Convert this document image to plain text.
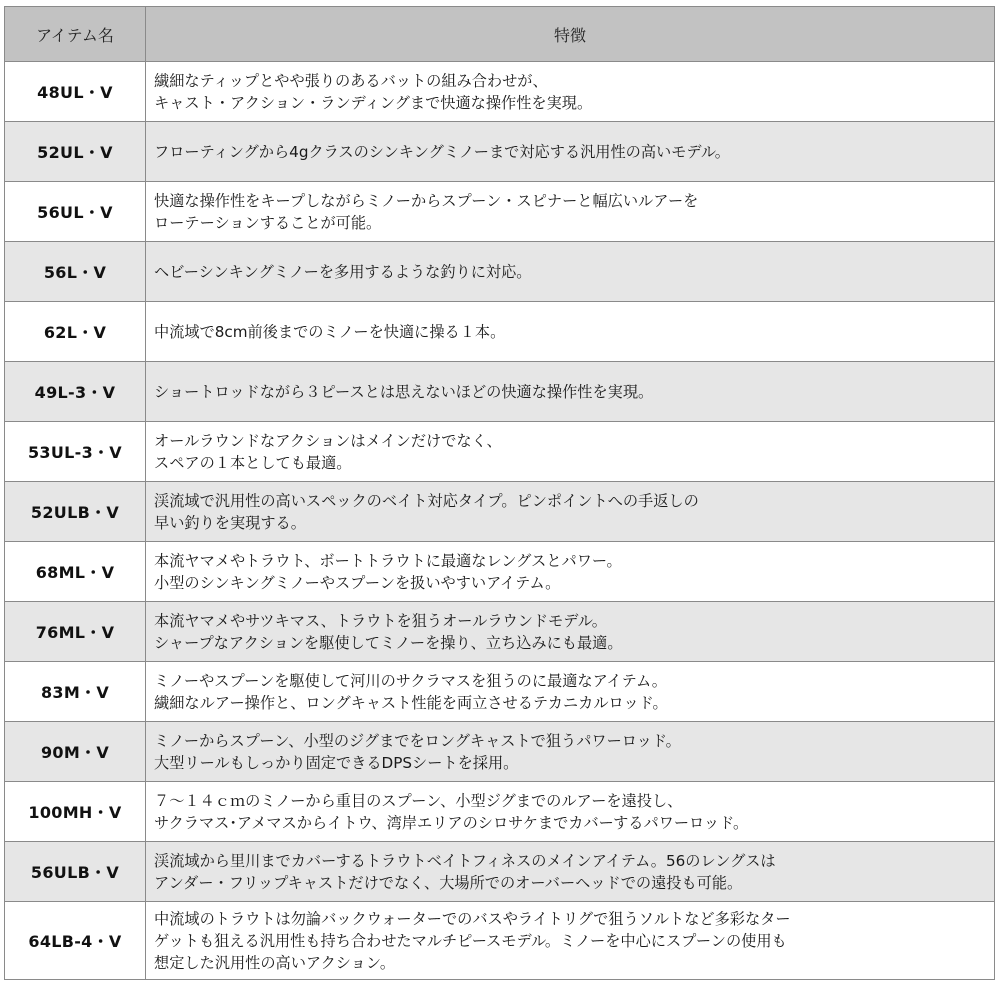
アイテム名	特徴
48UL・V	繊細なティップとやや張りのあるバットの組み合わせが、
キャスト・アクション・ランディングまで快適な操作性を実現。

52UL・V	フローティングから4gクラスのシンキングミノーまで対応する汎用性の高いモデル。

56UL・V	快適な操作性をキープしながらミノーからスプーン・スピナーと幅広いルアーを
ローテーションすることが可能。

56L・V	ヘビーシンキングミノーを多用するような釣りに対応。

62L・V	中流域で8cm前後までのミノーを快適に操る１本。

49L-3・V	ショートロッドながら３ピースとは思えないほどの快適な操作性を実現。

53UL-3・V	オールラウンドなアクションはメインだけでなく、
スペアの１本としても最適。

52ULB・V	渓流域で汎用性の高いスペックのベイト対応タイプ。ピンポイントへの手返しの
早い釣りを実現する。

68ML・V	本流ヤマメやトラウト、ボートトラウトに最適なレングスとパワー。
小型のシンキングミノーやスプーンを扱いやすいアイテム。

76ML・V	本流ヤマメやサツキマス、トラウトを狙うオールラウンドモデル。
シャープなアクションを駆使してミノーを操り、立ち込みにも最適。

83M・V	ミノーやスプーンを駆使して河川のサクラマスを狙うのに最適なアイテム。
繊細なルアー操作と、ロングキャスト性能を両立させるテカニカルロッド。

90M・V	ミノーからスプーン、小型のジグまでをロングキャストで狙うパワーロッド。
大型リールもしっかり固定できるDPSシートを採用。

100MH・V	７～１４ｃｍのミノーから重目のスプーン、小型ジグまでのルアーを遠投し、
サクラマス･アメマスからイトウ、湾岸エリアのシロサケまでカバーするパワーロッド。

56ULB・V	渓流域から里川までカバーするトラウトベイトフィネスのメインアイテム。56のレングスは
アンダー・フリップキャストだけでなく、大場所でのオーバーヘッドでの遠投も可能。

64LB-4・V	中流域のトラウトは勿論バックウォーターでのバスやライトリグで狙うソルトなど多彩なター
ゲットも狙える汎用性も持ち合わせたマルチピースモデル。ミノーを中心にスプーンの使用も
想定した汎用性の高いアクション。
